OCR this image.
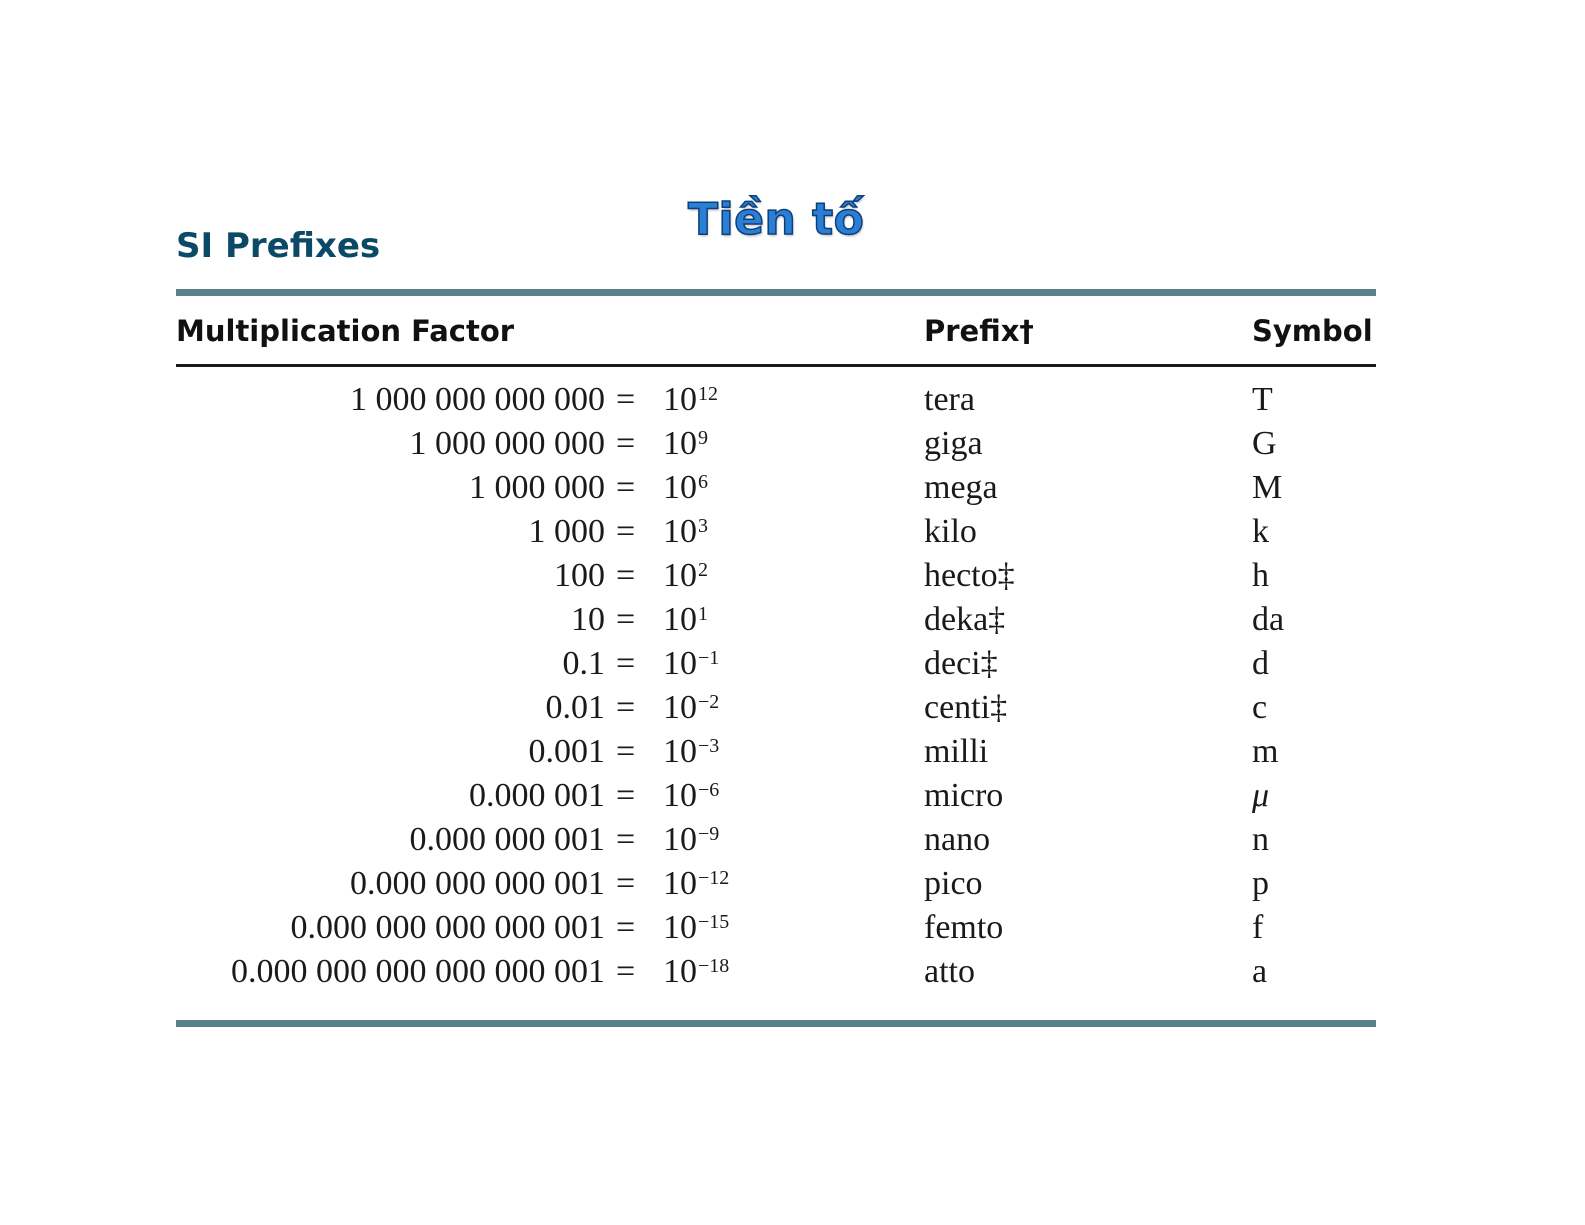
Tiền tố
SI Prefixes
Multiplication Factor	Prefix†	Symbol
1 000 000 000 $000 = 10^{12}$	tera	T
1 000 000 $000 = 10^9$	giga	G
1 000 $000 = 10^6$	mega	M
1 $000 = 10^3$	kilo	k
$100 = 10^2$	hecto‡	h
$10 = 10^1$	deka‡	da
$0.1 = 10^{-1}$	deci‡	d
$0.01 = 10^{-2}$	centi‡	c
$0.001 = 10^{-3}$	milli	m
0.000 $001 = 10^{-6}$	micro	μ
0.000 000 $001 = 10^{-9}$	nano	n
0.000 000 000 $001 = 10^{-12}$	pico	p
0.000 000 000 000 $001 = 10^{-15}$	femto	f
0.000 000 000 000 000 $001 = 10^{-18}$	atto	a
